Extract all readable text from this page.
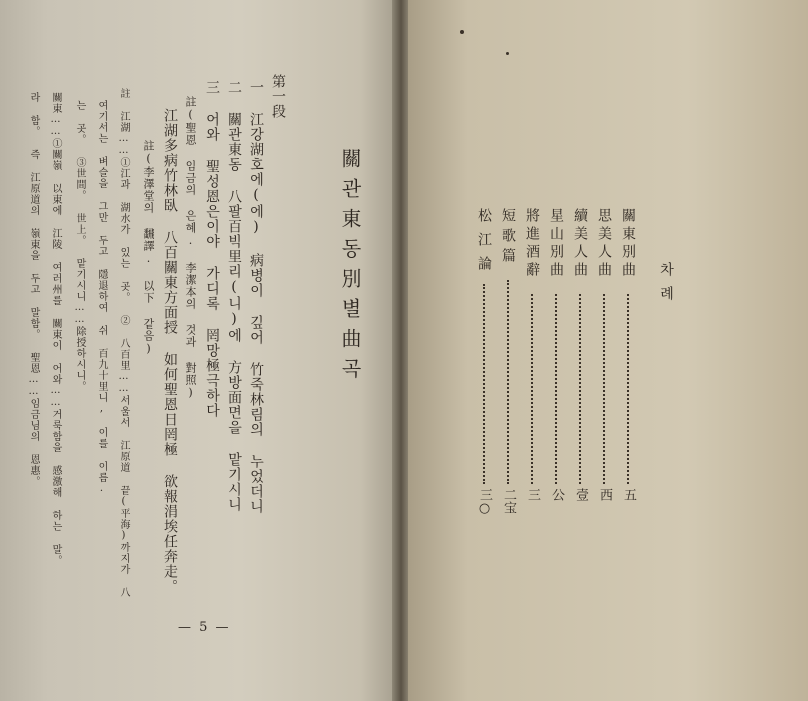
關관東동別별曲곡
第一段
一 江강湖호에(에) 病병이 깊어 竹죽林림의 누었더니
二 關관東동 八팔百빅里리(니)에 方방面면을 맡기시니
三 어와 聖성恩은이야 가디록 罔망極극하다
註(聖恩 임금의 은혜. 李潔本의 것과 對照)
江湖多病竹林臥 八百關東方面授 如何聖恩日罔極 欲報涓埃任奔走。
註(李澤堂의 飜譯. 以下 같음)
註 江湖……①江과 湖水가 있는 곳。 ② 八百里……서울서 江原道 끝(平海)까지가 八
여기서는 벼슬을 그만 두고 隱退하여 쉬 百九十里니, 이를 이름.
는 곳。 ③世間。 世上。 맡기시니……除授하시니。
關東……①關嶺 以東에 江陵 여러州를 關東이 어와……거룩함을 感激해 하는 말。
라 함。 즉 江原道의 嶺東을 두고 말함。 聖恩……임금님의 恩惠。
— 5 —
차례
關東別曲
五
思美人曲
西
續美人曲
壹
星山別曲
公
將進酒辭
三
短歌篇
二宝
松江論
三○
